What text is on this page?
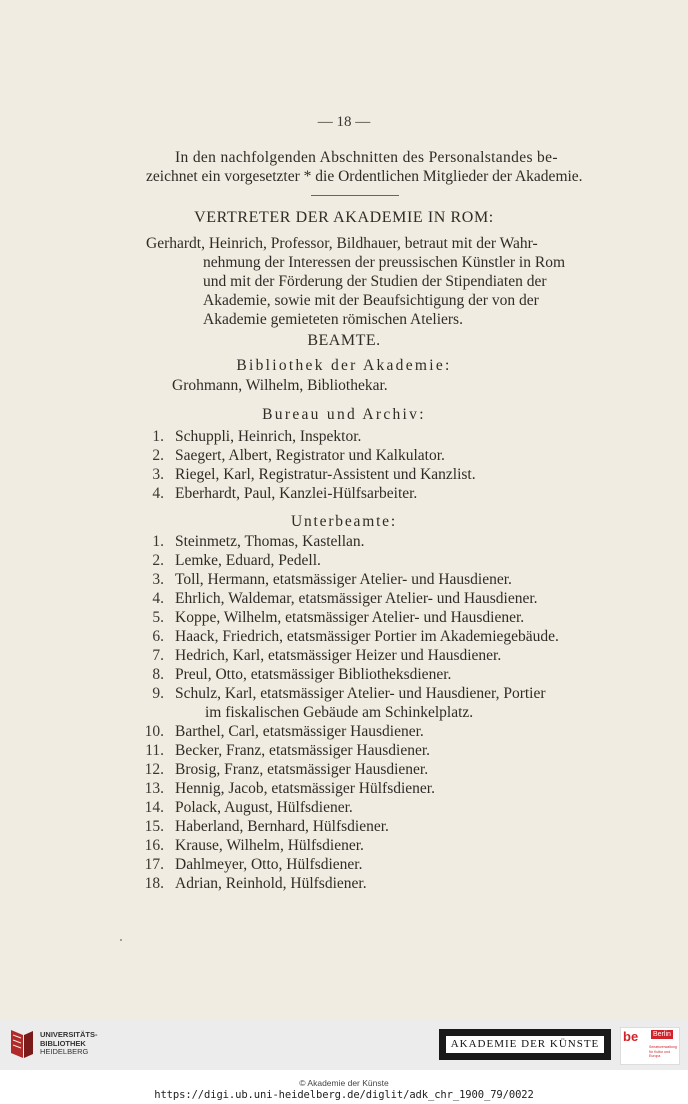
— 18 —
In den nachfolgenden Abschnitten des Personalstandes be-
zeichnet ein vorgesetzter * die Ordentlichen Mitglieder der Akademie.
VERTRETER DER AKADEMIE IN ROM:
Gerhardt, Heinrich, Professor, Bildhauer, betraut mit der Wahr-
nehmung der Interessen der preussischen Künstler in Rom
und mit der Förderung der Studien der Stipendiaten der
Akademie, sowie mit der Beaufsichtigung der von der
Akademie gemieteten römischen Ateliers.
BEAMTE.
Bibliothek der Akademie:
Grohmann, Wilhelm, Bibliothekar.
Bureau und Archiv:
1. Schuppli, Heinrich, Inspektor.
2. Saegert, Albert, Registrator und Kalkulator.
3. Riegel, Karl, Registratur-Assistent und Kanzlist.
4. Eberhardt, Paul, Kanzlei-Hülfsarbeiter.
Unterbeamte:
1. Steinmetz, Thomas, Kastellan.
2. Lemke, Eduard, Pedell.
3. Toll, Hermann, etatsmässiger Atelier- und Hausdiener.
4. Ehrlich, Waldemar, etatsmässiger Atelier- und Hausdiener.
5. Koppe, Wilhelm, etatsmässiger Atelier- und Hausdiener.
6. Haack, Friedrich, etatsmässiger Portier im Akademiegebäude.
7. Hedrich, Karl, etatsmässiger Heizer und Hausdiener.
8. Preul, Otto, etatsmässiger Bibliotheksdiener.
9. Schulz, Karl, etatsmässiger Atelier- und Hausdiener, Portier
im fiskalischen Gebäude am Schinkelplatz.
10. Barthel, Carl, etatsmässiger Hausdiener.
11. Becker, Franz, etatsmässiger Hausdiener.
12. Brosig, Franz, etatsmässiger Hausdiener.
13. Hennig, Jacob, etatsmässiger Hülfsdiener.
14. Polack, August, Hülfsdiener.
15. Haberland, Bernhard, Hülfsdiener.
16. Krause, Wilhelm, Hülfsdiener.
17. Dahlmeyer, Otto, Hülfsdiener.
18. Adrian, Reinhold, Hülfsdiener.
UNIVERSITÄTS-
BIBLIOTHEK
HEIDELBERG
AKADEMIE DER KÜNSTE	be Berlin
Senatsverwaltung für Kultur und Europa
© Akademie der Künste
https://digi.ub.uni-heidelberg.de/diglit/adk_chr_1900_79/0022
